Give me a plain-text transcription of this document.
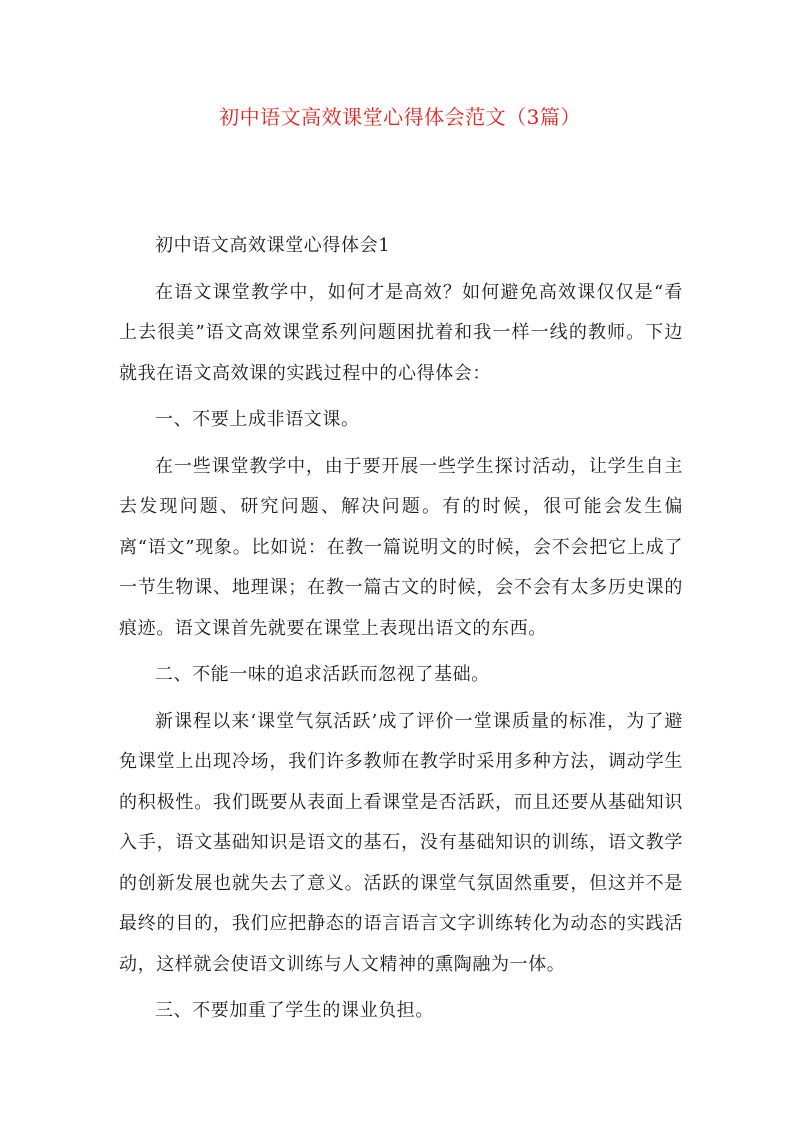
初中语文高效课堂心得体会范文（3篇）

初中语文高效课堂心得体会1

在语文课堂教学中，如何才是高效？如何避免高效课仅仅是“看上去很美”语文高效课堂系列问题困扰着和我一样一线的教师。下边就我在语文高效课的实践过程中的心得体会：

一、不要上成非语文课。

在一些课堂教学中，由于要开展一些学生探讨活动，让学生自主去发现问题、研究问题、解决问题。有的时候，很可能会发生偏离“语文”现象。比如说：在教一篇说明文的时候，会不会把它上成了一节生物课、地理课；在教一篇古文的时候，会不会有太多历史课的痕迹。语文课首先就要在课堂上表现出语文的东西。

二、不能一味的追求活跃而忽视了基础。

新课程以来‘课堂气氛活跃’成了评价一堂课质量的标准，为了避免课堂上出现冷场，我们许多教师在教学时采用多种方法，调动学生的积极性。我们既要从表面上看课堂是否活跃，而且还要从基础知识入手，语文基础知识是语文的基石，没有基础知识的训练，语文教学的创新发展也就失去了意义。活跃的课堂气氛固然重要，但这并不是最终的目的，我们应把静态的语言语言文字训练转化为动态的实践活动，这样就会使语文训练与人文精神的熏陶融为一体。

三、不要加重了学生的课业负担。
